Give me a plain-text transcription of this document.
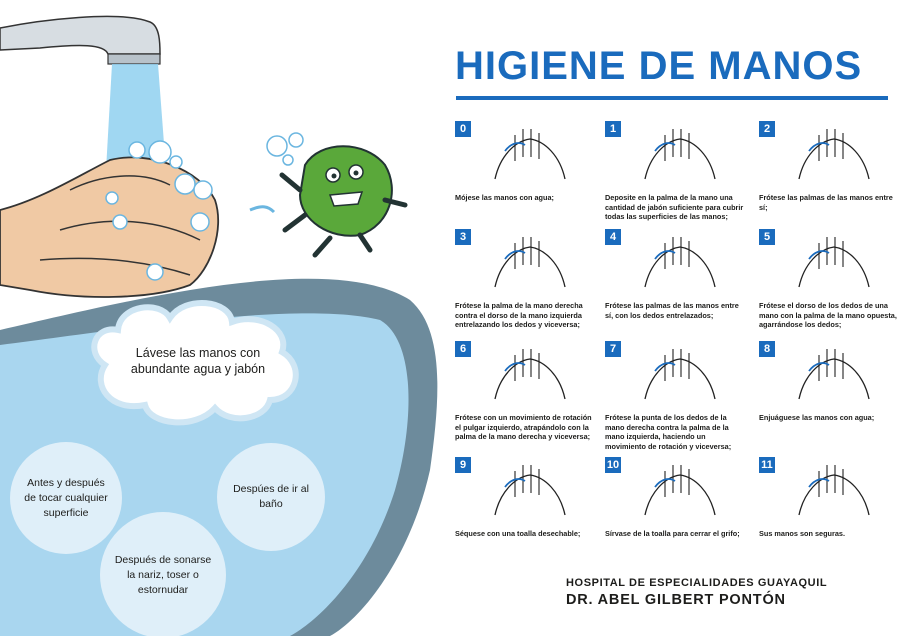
Lávese las manos con abundante agua y jabón
Antes y después de tocar cualquier superficie
Despúes de ir al baño
Después de sonarse la nariz, toser o estornudar
HIGIENE DE MANOS
0
Mójese las manos con agua;
1
Deposite en la palma de la mano una cantidad de jabón suficiente para cubrir todas las superficies de las manos;
2
Frótese las palmas de las manos entre sí;
3
Frótese la palma de la mano derecha contra el dorso de la mano izquierda entrelazando los dedos y viceversa;
4
Frótese las palmas de las manos entre sí, con los dedos entrelazados;
5
Frótese el dorso de los dedos de una mano con la palma de la mano opuesta, agarrándose los dedos;
6
Frótese con un movimiento de rotación el pulgar izquierdo, atrapándolo con la palma de la mano derecha y viceversa;
7
Frótese la punta de los dedos de la mano derecha contra la palma de la mano izquierda, haciendo un movimiento de rotación y viceversa;
8
Enjuáguese las manos con agua;
9
Séquese con una toalla desechable;
10
Sírvase de la toalla para cerrar el grifo;
11
Sus manos son seguras.
HOSPITAL DE ESPECIALIDADES GUAYAQUIL
DR. ABEL GILBERT PONTÓN
